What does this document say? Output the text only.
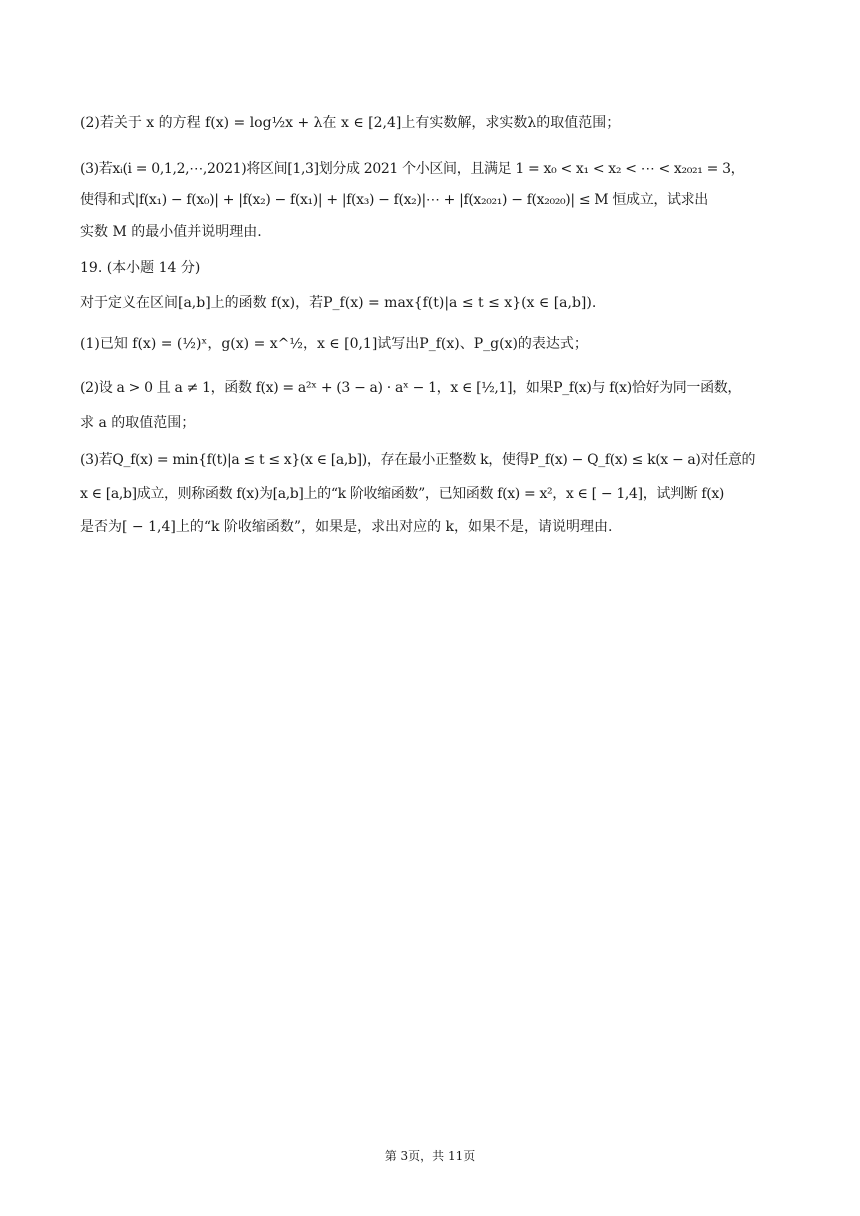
(2)若关于 x 的方程 f(x) = log½x + λ在 x ∈ [2,4]上有实数解，求实数λ的取值范围；
(3)若xᵢ(i = 0,1,2,⋯,2021)将区间[1,3]划分成 2021 个小区间，且满足 1 = x₀ < x₁ < x₂ < ⋯ < x₂₀₂₁ = 3，
使得和式|f(x₁) − f(x₀)| + |f(x₂) − f(x₁)| + |f(x₃) − f(x₂)|⋯ + |f(x₂₀₂₁) − f(x₂₀₂₀)| ≤ M 恒成立，试求出
实数 M 的最小值并说明理由.
19. (本小题 14 分)
对于定义在区间[a,b]上的函数 f(x)，若P_f(x) = max{f(t)|a ≤ t ≤ x}(x ∈ [a,b]).
(1)已知 f(x) = (½)ˣ，g(x) = x^½，x ∈ [0,1]试写出P_f(x)、P_g(x)的表达式；
(2)设 a > 0 且 a ≠ 1，函数 f(x) = a²ˣ + (3 − a) · aˣ − 1，x ∈ [½,1]，如果P_f(x)与 f(x)恰好为同一函数，
求 a 的取值范围；
(3)若Q_f(x) = min{f(t)|a ≤ t ≤ x}(x ∈ [a,b])，存在最小正整数 k，使得P_f(x) − Q_f(x) ≤ k(x − a)对任意的
x ∈ [a,b]成立，则称函数 f(x)为[a,b]上的“k 阶收缩函数”，已知函数 f(x) = x²，x ∈ [ − 1,4]，试判断 f(x)
是否为[ − 1,4]上的“k 阶收缩函数”，如果是，求出对应的 k，如果不是，请说明理由.
第 3页，共 11页
